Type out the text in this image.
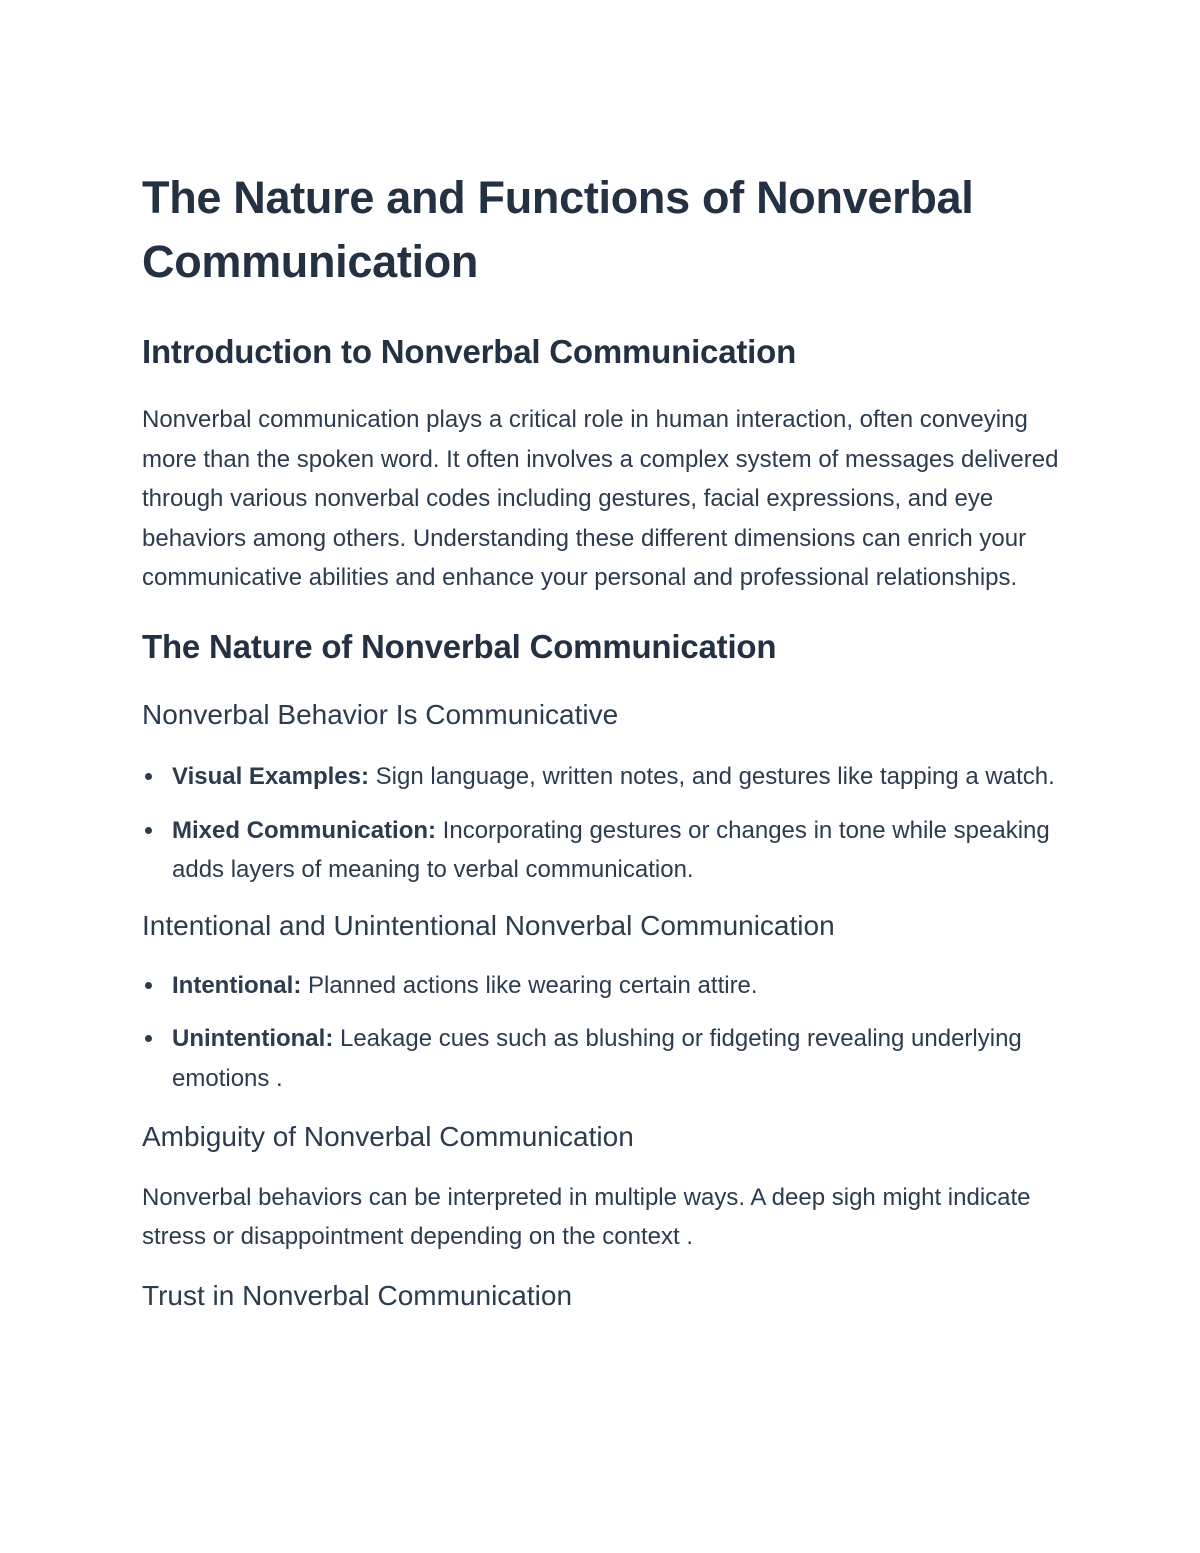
The Nature and Functions of Nonverbal Communication
Introduction to Nonverbal Communication

Nonverbal communication plays a critical role in human interaction, often conveying more than the spoken word. It often involves a complex system of messages delivered through various nonverbal codes including gestures, facial expressions, and eye behaviors among others. Understanding these different dimensions can enrich your communicative abilities and enhance your personal and professional relationships.

The Nature of Nonverbal Communication
Nonverbal Behavior Is Communicative
Visual Examples: Sign language, written notes, and gestures like tapping a watch.
Mixed Communication: Incorporating gestures or changes in tone while speaking adds layers of meaning to verbal communication.
Intentional and Unintentional Nonverbal Communication
Intentional: Planned actions like wearing certain attire.
Unintentional: Leakage cues such as blushing or fidgeting revealing underlying emotions .
Ambiguity of Nonverbal Communication

Nonverbal behaviors can be interpreted in multiple ways. A deep sigh might indicate stress or disappointment depending on the context .

Trust in Nonverbal Communication
